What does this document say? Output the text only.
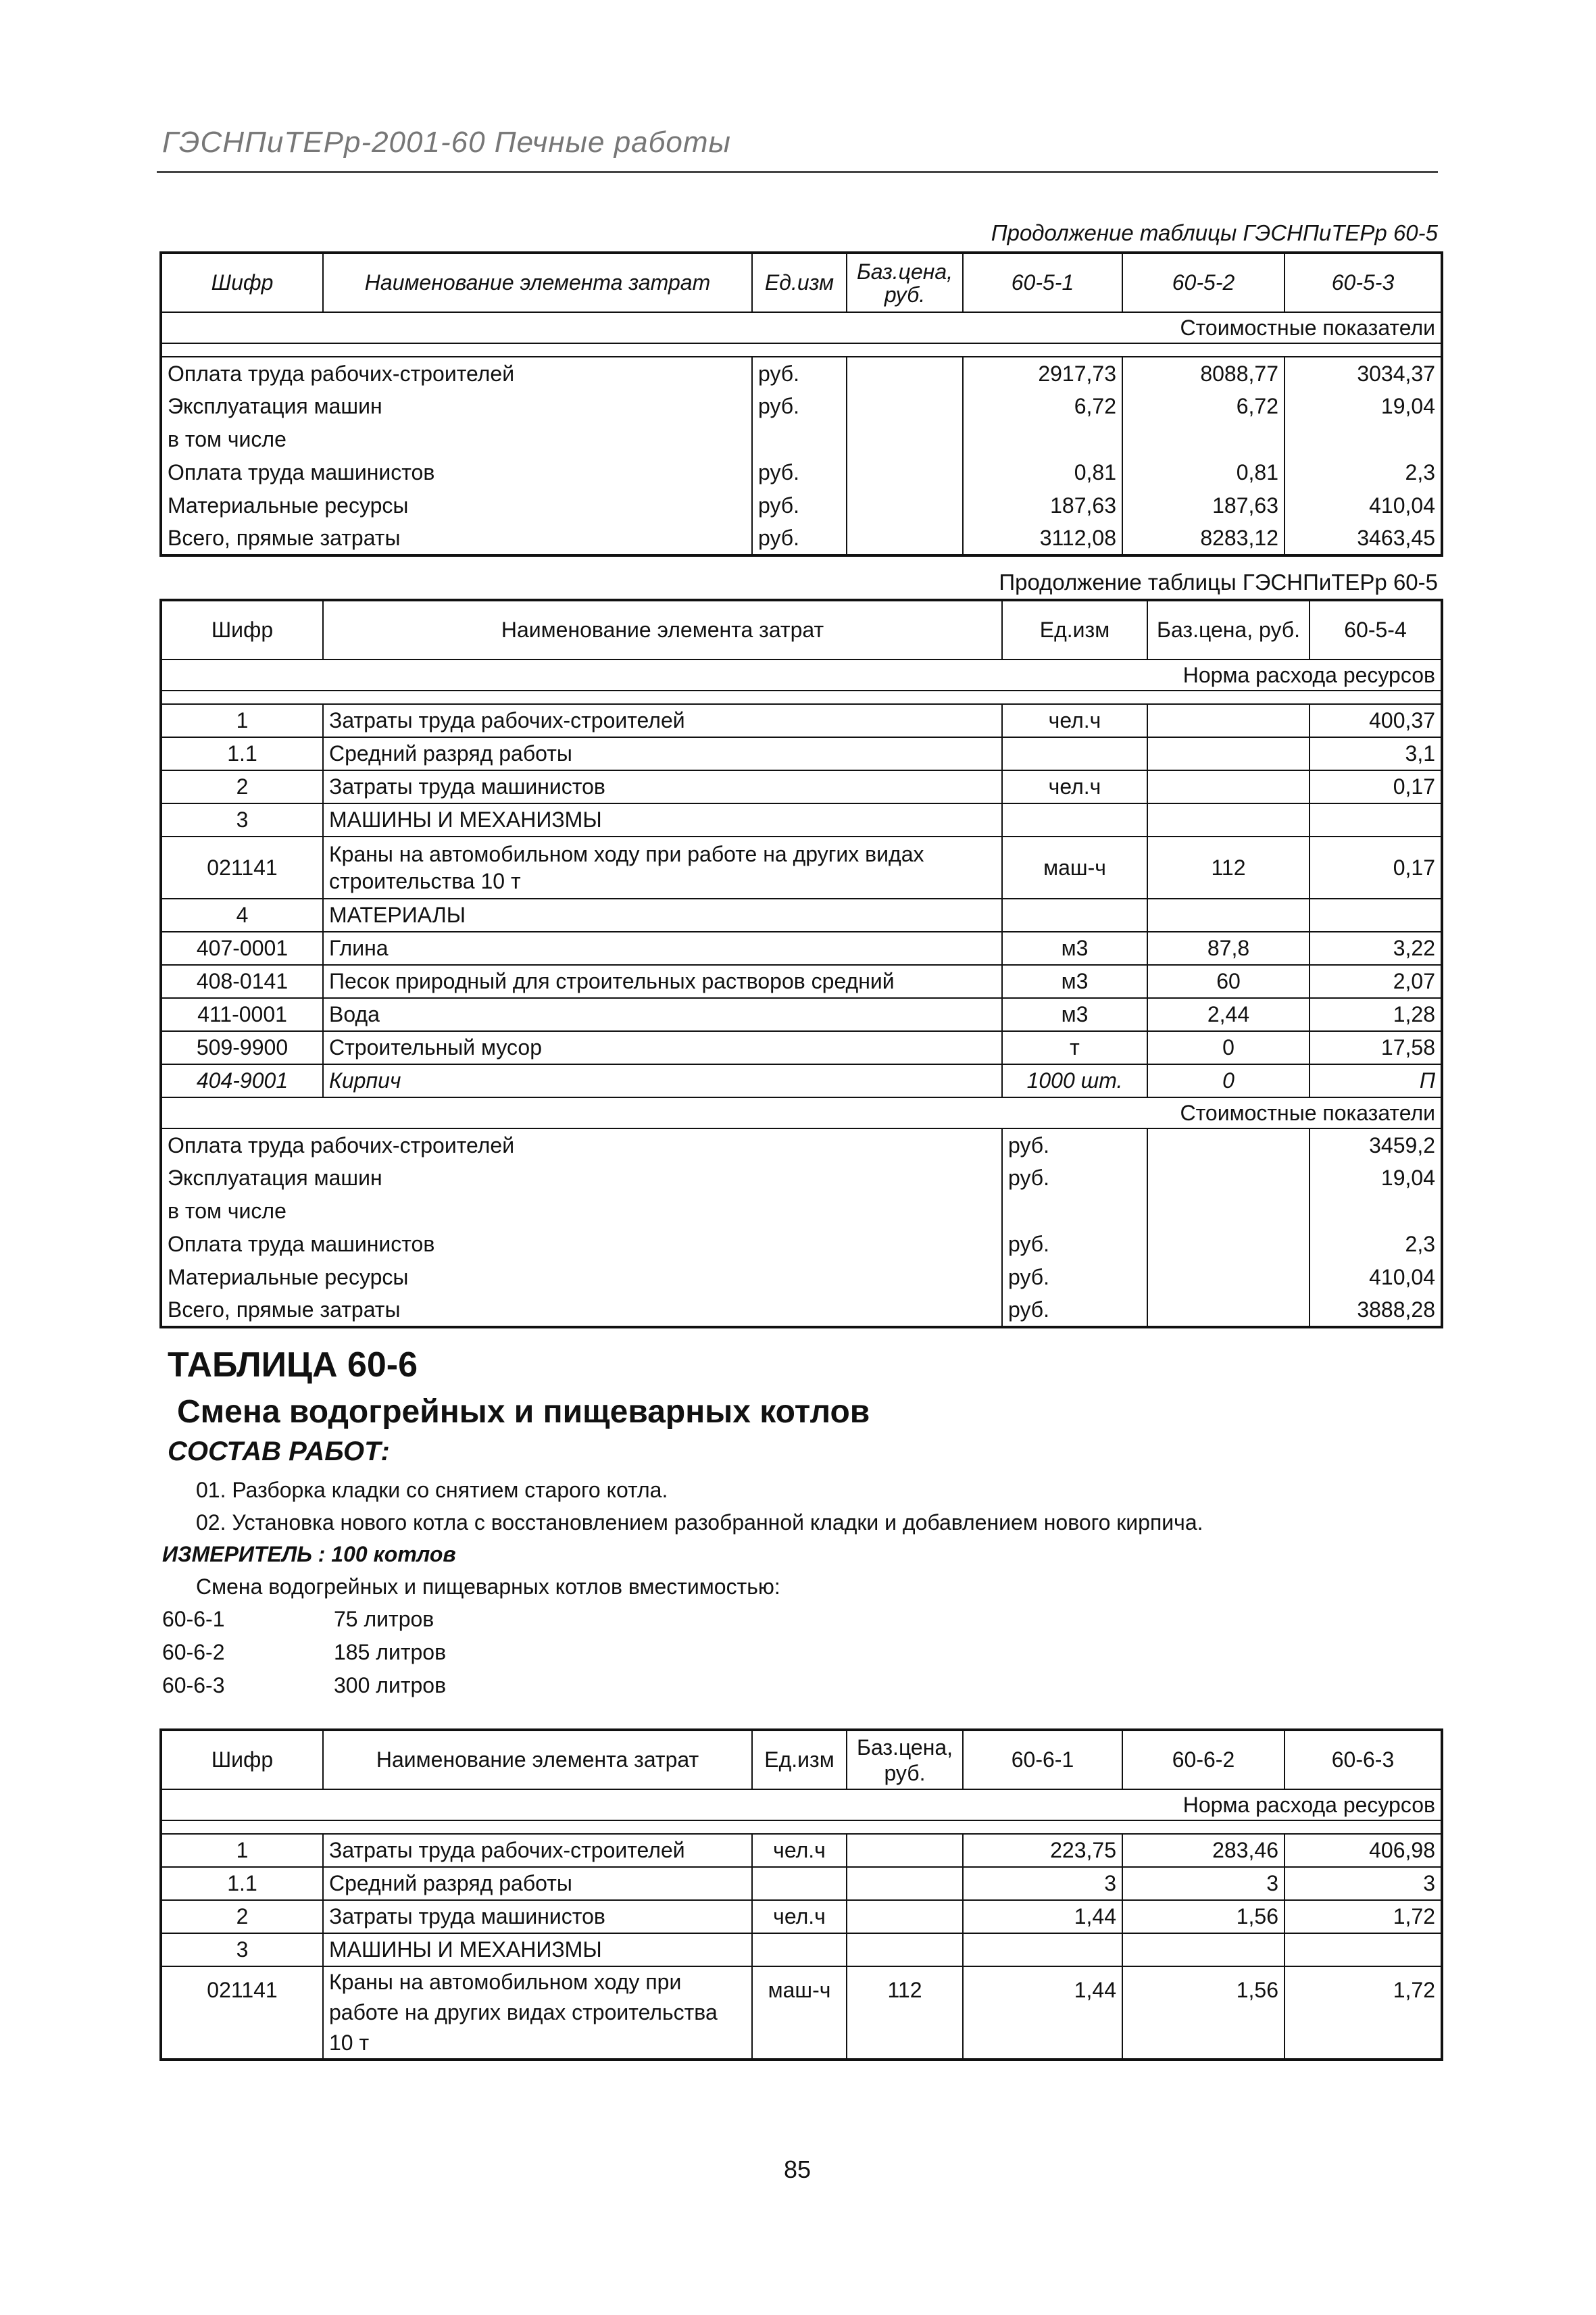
ГЭСНПиТЕРр-2001-60 Печные работы
Продолжение таблицы ГЭСНПиТЕРр 60-5
Шифр	Наименование элемента затрат	Ед.изм	Баз.цена, руб.	60-5-1	60-5-2	60-5-3
Стоимостные показатели						

Оплата труда рабочих-строителей		руб.		2917,73	8088,77	3034,37
Эксплуатация машин		руб.		6,72	6,72	19,04
в том числе						
Оплата труда машинистов		руб.		0,81	0,81	2,3
Материальные ресурсы		руб.		187,63	187,63	410,04
Всего, прямые затраты		руб.		3112,08	8283,12	3463,45
Продолжение таблицы ГЭСНПиТЕРр 60-5
Шифр	Наименование элемента затрат	Ед.изм	Баз.цена, руб.	60-5-4
Норма расхода ресурсов				

1	Затраты труда рабочих-строителей	чел.ч		400,37
1.1	Средний разряд работы			3,1
2	Затраты труда машинистов	чел.ч		0,17
3	МАШИНЫ И МЕХАНИЗМЫ			
021141	Краны на автомобильном ходу при работе на других видах строительства 10 т	маш-ч	112	0,17
4	МАТЕРИАЛЫ			
407-0001	Глина	м3	87,8	3,22
408-0141	Песок природный для строительных растворов средний	м3	60	2,07
411-0001	Вода	м3	2,44	1,28
509-9900	Строительный мусор	т	0	17,58
404-9001	Кирпич	1000 шт.	0	П
Стоимостные показатели				
Оплата труда рабочих-строителей		руб.		3459,2
Эксплуатация машин		руб.		19,04
в том числе				
Оплата труда машинистов		руб.		2,3
Материальные ресурсы		руб.		410,04
Всего, прямые затраты		руб.		3888,28
ТАБЛИЦА 60-6
Смена водогрейных и пищеварных котлов
СОСТАВ РАБОТ:
01. Разборка кладки со снятием старого котла.
02. Установка нового котла с восстановлением разобранной кладки и добавлением нового кирпича.
ИЗМЕРИТЕЛЬ : 100 котлов
Смена водогрейных и пищеварных котлов вместимостью:
60-6-1	75 литров
60-6-2	185 литров
60-6-3	300 литров
Шифр	Наименование элемента затрат	Ед.изм	Баз.цена, руб.	60-6-1	60-6-2	60-6-3
Норма расхода ресурсов						

1	Затраты труда рабочих-строителей	чел.ч		223,75	283,46	406,98
1.1	Средний разряд работы			3	3	3
2	Затраты труда машинистов	чел.ч		1,44	1,56	1,72
3	МАШИНЫ И МЕХАНИЗМЫ					
021141	Краны на автомобильном ходу при работе на других видах строительства 10 т	маш-ч	112	1,44	1,56	1,72
85
